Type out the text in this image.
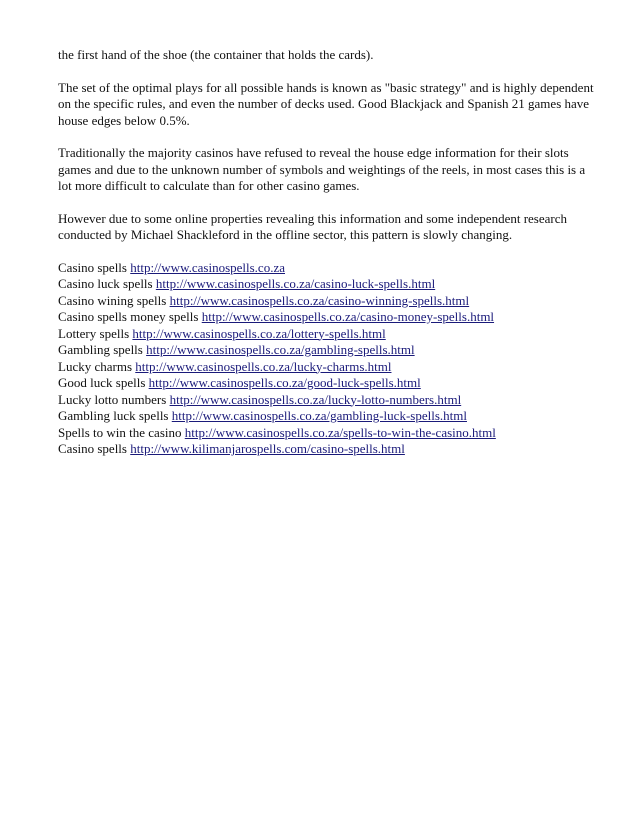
the first hand of the shoe (the container that holds the cards).

The set of the optimal plays for all possible hands is known as "basic strategy" and is highly dependent on the specific rules, and even the number of decks used. Good Blackjack and Spanish 21 games have house edges below 0.5%.

Traditionally the majority casinos have refused to reveal the house edge information for their slots games and due to the unknown number of symbols and weightings of the reels, in most cases this is a lot more difficult to calculate than for other casino games.

However due to some online properties revealing this information and some independent research conducted by Michael Shackleford in the offline sector, this pattern is slowly changing.

Casino spells http://www.casinospells.co.za
Casino luck spells http://www.casinospells.co.za/casino-luck-spells.html
Casino wining spells http://www.casinospells.co.za/casino-winning-spells.html
Casino spells money spells http://www.casinospells.co.za/casino-money-spells.html
Lottery spells http://www.casinospells.co.za/lottery-spells.html
Gambling spells http://www.casinospells.co.za/gambling-spells.html
Lucky charms http://www.casinospells.co.za/lucky-charms.html
Good luck spells http://www.casinospells.co.za/good-luck-spells.html
Lucky lotto numbers http://www.casinospells.co.za/lucky-lotto-numbers.html
Gambling luck spells http://www.casinospells.co.za/gambling-luck-spells.html
Spells to win the casino http://www.casinospells.co.za/spells-to-win-the-casino.html
Casino spells http://www.kilimanjarospells.com/casino-spells.html
